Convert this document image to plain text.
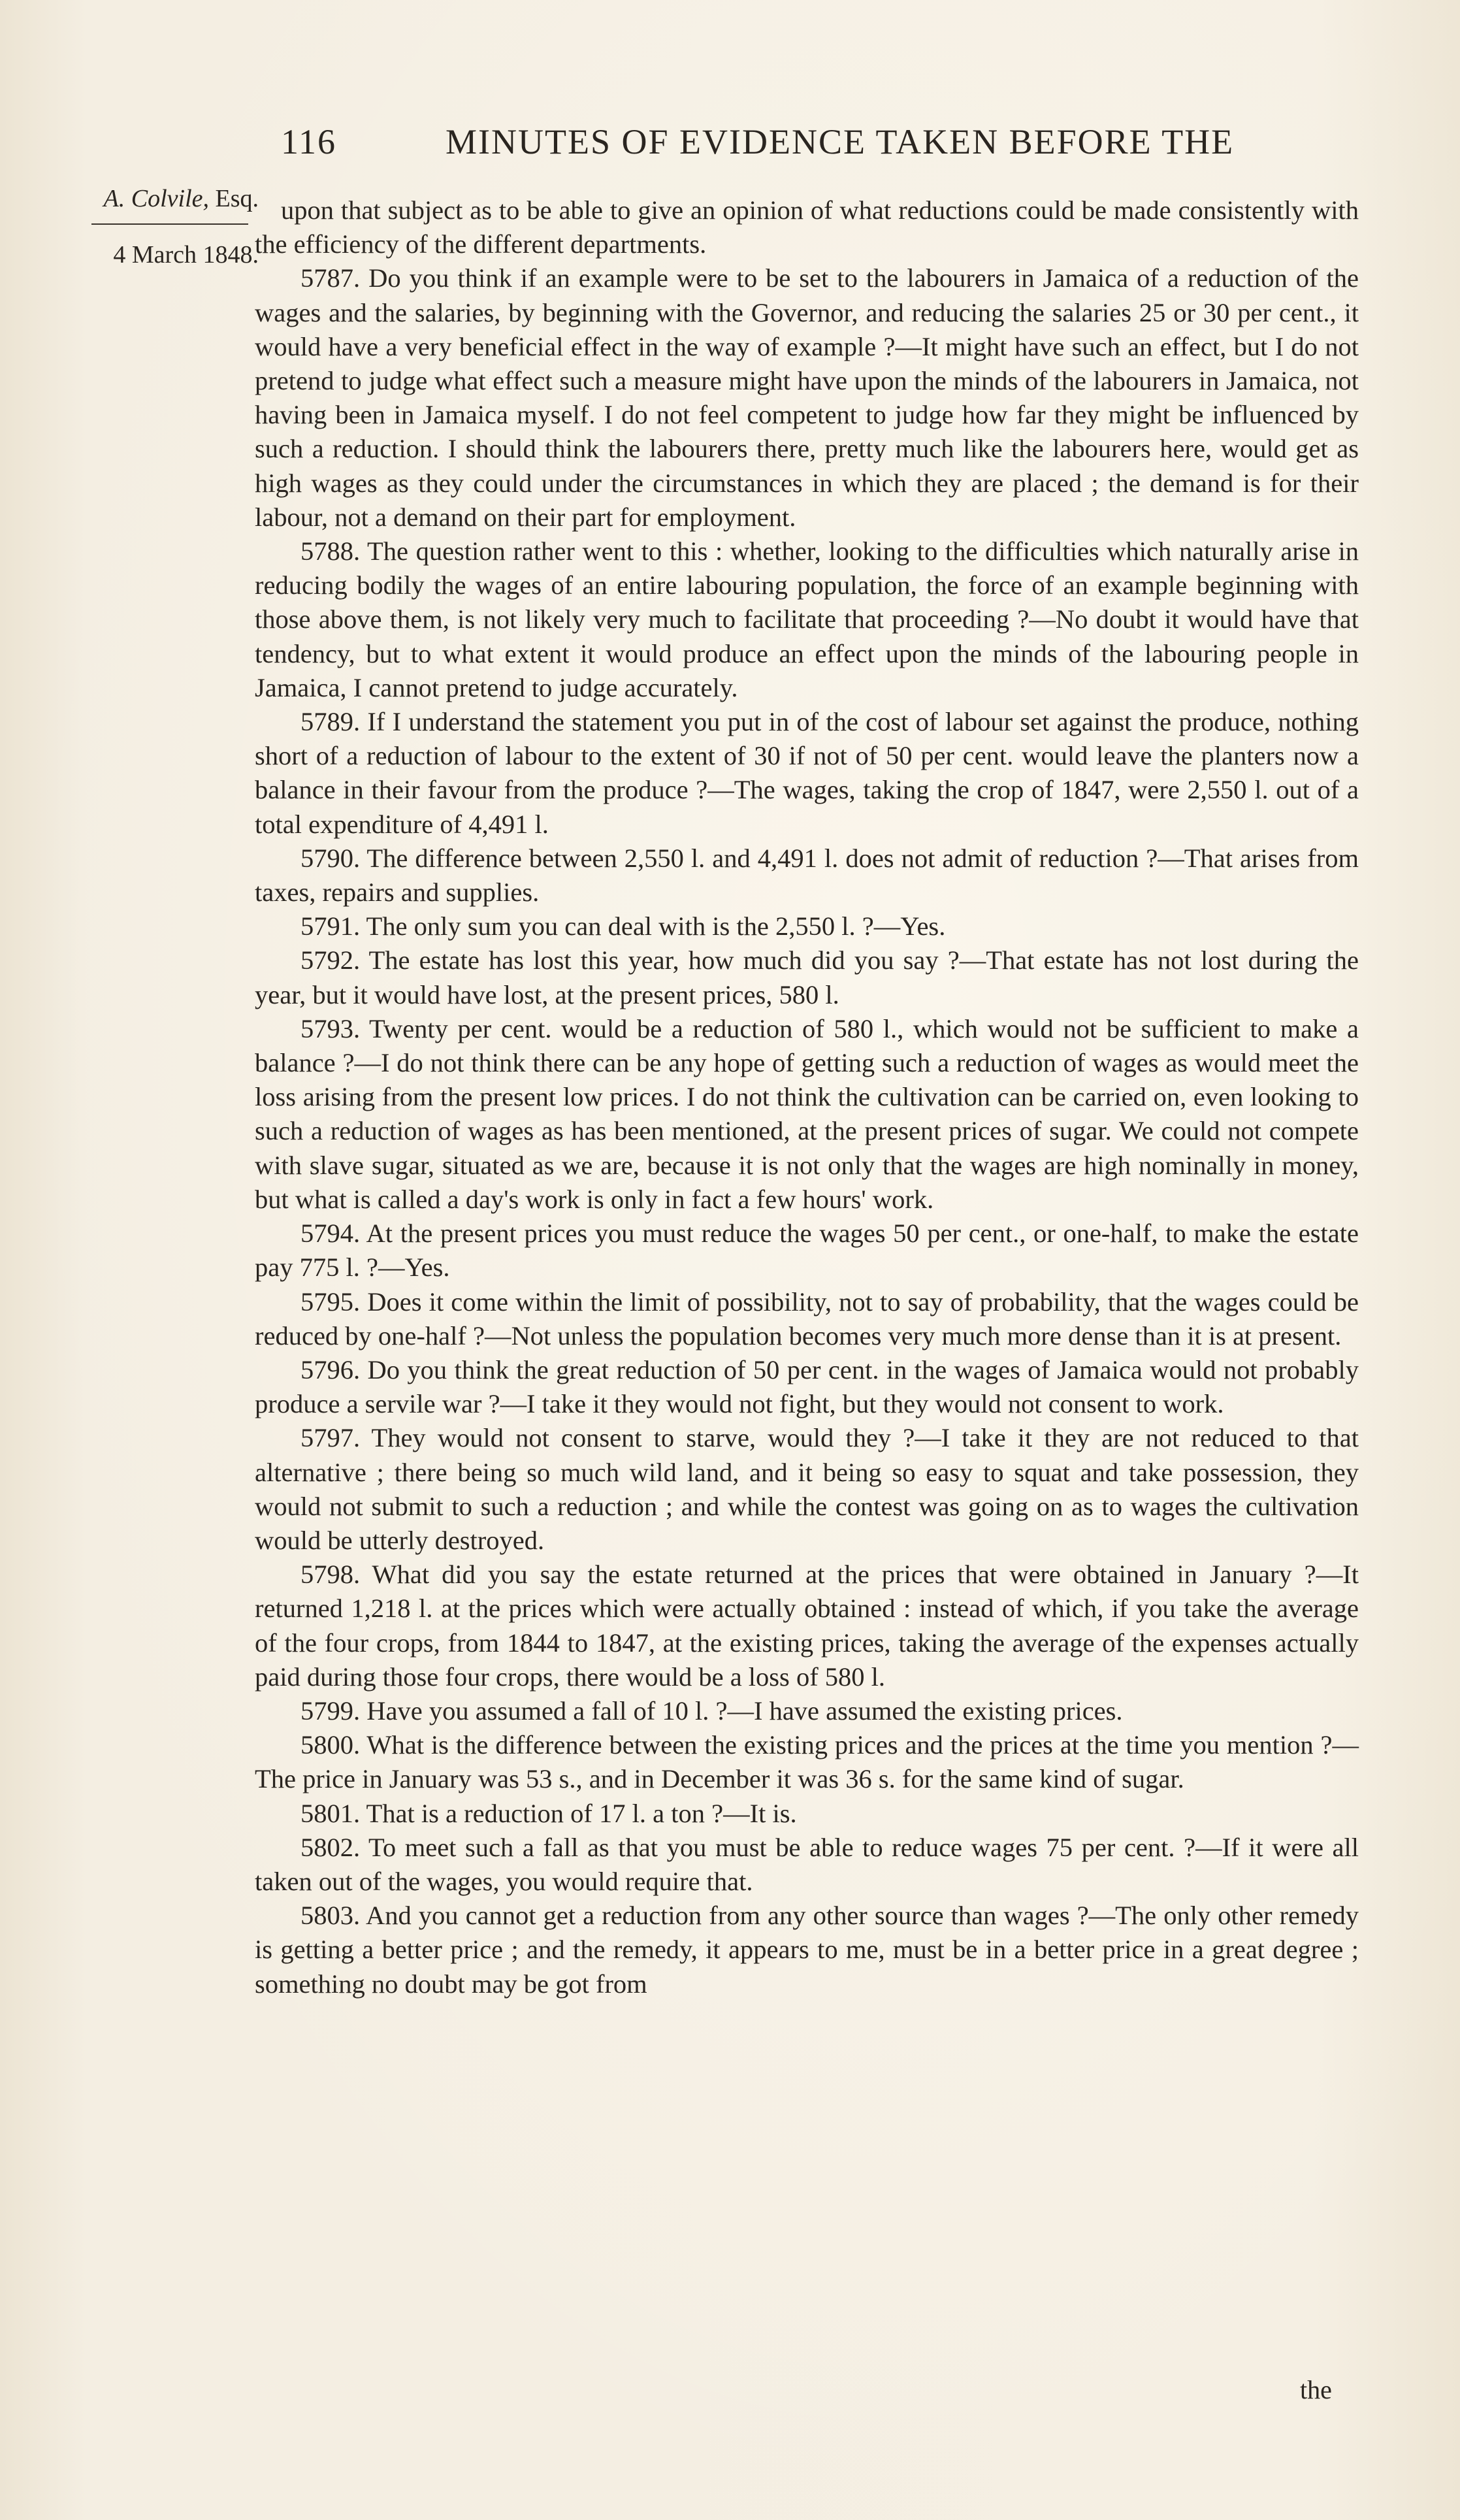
116	MINUTES OF EVIDENCE TAKEN BEFORE THE
A. Colvile, Esq.
4 March 1848.

upon that subject as to be able to give an opinion of what reductions could be made consistently with the efficiency of the different departments.

5787. Do you think if an example were to be set to the labourers in Jamaica of a reduction of the wages and the salaries, by beginning with the Governor, and reducing the salaries 25 or 30 per cent., it would have a very beneficial effect in the way of example ?—It might have such an effect, but I do not pretend to judge what effect such a measure might have upon the minds of the labourers in Jamaica, not having been in Jamaica myself. I do not feel competent to judge how far they might be influenced by such a reduction. I should think the labourers there, pretty much like the labourers here, would get as high wages as they could under the circumstances in which they are placed ; the demand is for their labour, not a demand on their part for employment.

5788. The question rather went to this : whether, looking to the difficulties which naturally arise in reducing bodily the wages of an entire labouring population, the force of an example beginning with those above them, is not likely very much to facilitate that proceeding ?—No doubt it would have that tendency, but to what extent it would produce an effect upon the minds of the labouring people in Jamaica, I cannot pretend to judge accurately.

5789. If I understand the statement you put in of the cost of labour set against the produce, nothing short of a reduction of labour to the extent of 30 if not of 50 per cent. would leave the planters now a balance in their favour from the produce ?—The wages, taking the crop of 1847, were 2,550 l. out of a total expenditure of 4,491 l.

5790. The difference between 2,550 l. and 4,491 l. does not admit of reduction ?—That arises from taxes, repairs and supplies.

5791. The only sum you can deal with is the 2,550 l. ?—Yes.

5792. The estate has lost this year, how much did you say ?—That estate has not lost during the year, but it would have lost, at the present prices, 580 l.

5793. Twenty per cent. would be a reduction of 580 l., which would not be sufficient to make a balance ?—I do not think there can be any hope of getting such a reduction of wages as would meet the loss arising from the present low prices. I do not think the cultivation can be carried on, even looking to such a reduction of wages as has been mentioned, at the present prices of sugar. We could not compete with slave sugar, situated as we are, because it is not only that the wages are high nominally in money, but what is called a day's work is only in fact a few hours' work.

5794. At the present prices you must reduce the wages 50 per cent., or one-half, to make the estate pay 775 l. ?—Yes.

5795. Does it come within the limit of possibility, not to say of probability, that the wages could be reduced by one-half ?—Not unless the population becomes very much more dense than it is at present.

5796. Do you think the great reduction of 50 per cent. in the wages of Jamaica would not probably produce a servile war ?—I take it they would not fight, but they would not consent to work.

5797. They would not consent to starve, would they ?—I take it they are not reduced to that alternative ; there being so much wild land, and it being so easy to squat and take possession, they would not submit to such a reduction ; and while the contest was going on as to wages the cultivation would be utterly destroyed.

5798. What did you say the estate returned at the prices that were obtained in January ?—It returned 1,218 l. at the prices which were actually obtained : instead of which, if you take the average of the four crops, from 1844 to 1847, at the existing prices, taking the average of the expenses actually paid during those four crops, there would be a loss of 580 l.

5799. Have you assumed a fall of 10 l. ?—I have assumed the existing prices.

5800. What is the difference between the existing prices and the prices at the time you mention ?—The price in January was 53 s., and in December it was 36 s. for the same kind of sugar.

5801. That is a reduction of 17 l. a ton ?—It is.

5802. To meet such a fall as that you must be able to reduce wages 75 per cent. ?—If it were all taken out of the wages, you would require that.

5803. And you cannot get a reduction from any other source than wages ?—The only other remedy is getting a better price ; and the remedy, it appears to me, must be in a better price in a great degree ; something no doubt may be got from

the
